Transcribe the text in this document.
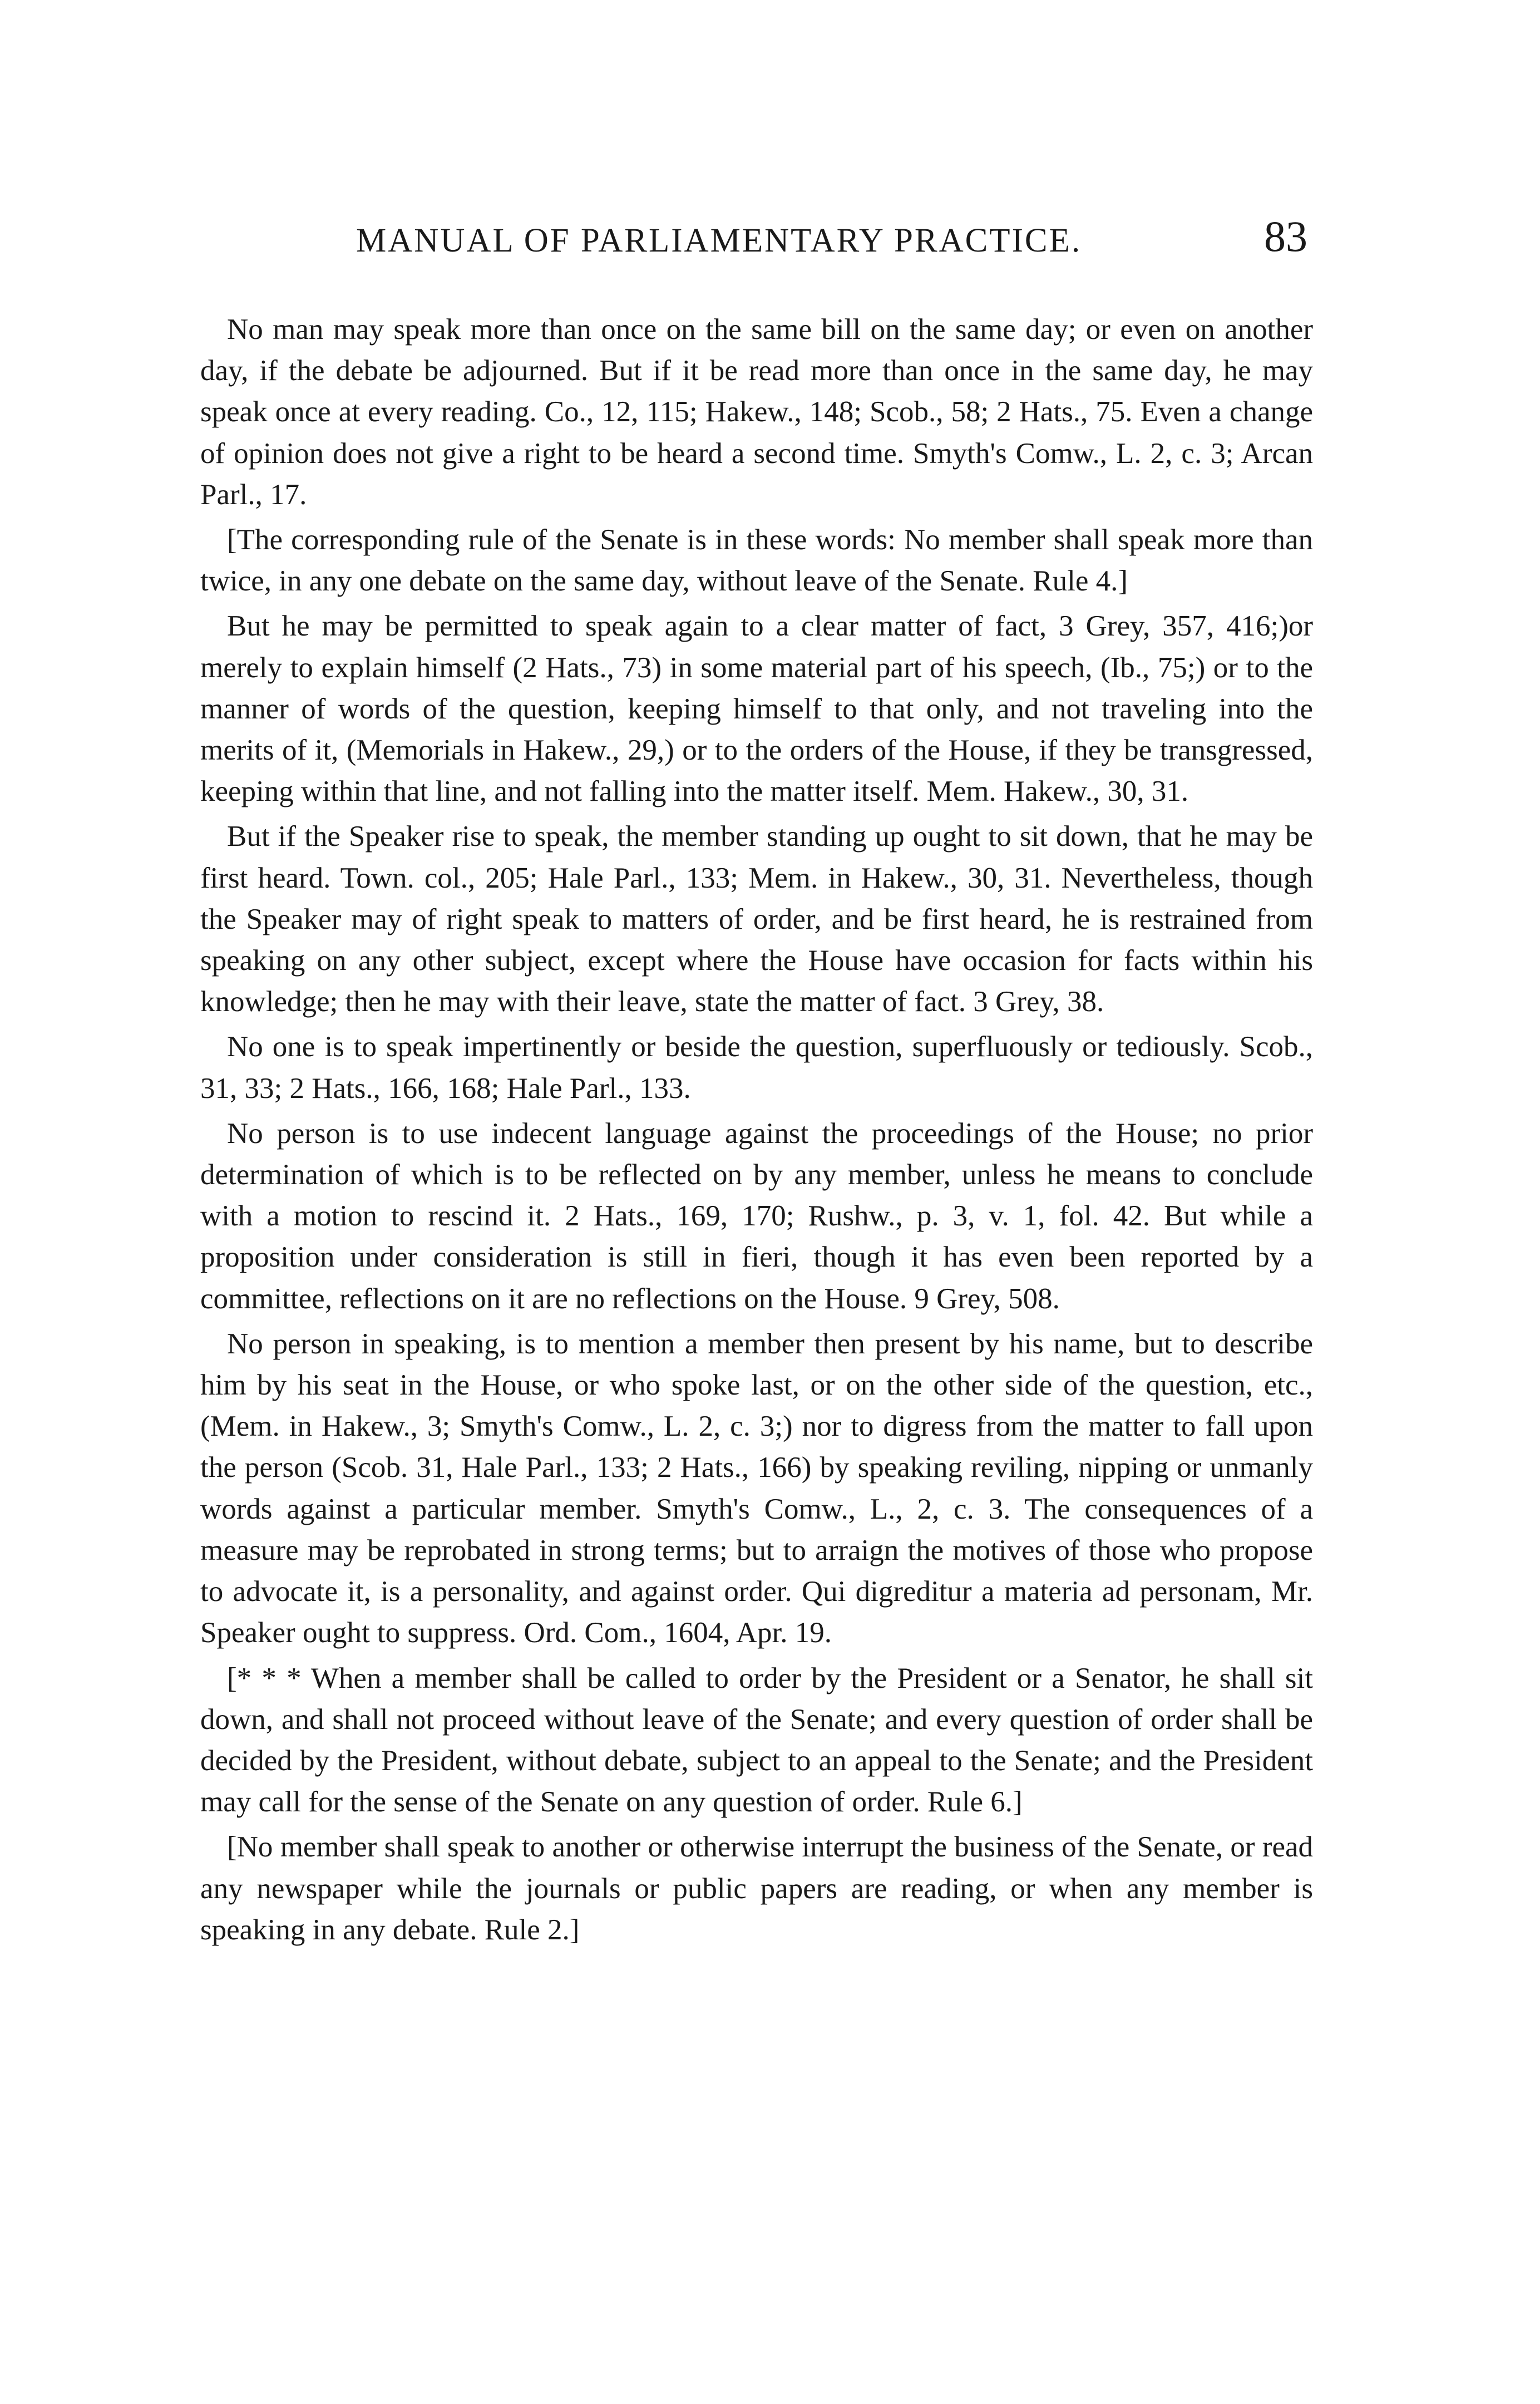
MANUAL OF PARLIAMENTARY PRACTICE.	83

No man may speak more than once on the same bill on the same day; or even on another day, if the debate be adjourned. But if it be read more than once in the same day, he may speak once at every reading. Co., 12, 115; Hakew., 148; Scob., 58; 2 Hats., 75. Even a change of opinion does not give a right to be heard a second time. Smyth's Comw., L. 2, c. 3; Arcan Parl., 17.

[The corresponding rule of the Senate is in these words: No member shall speak more than twice, in any one debate on the same day, without leave of the Senate. Rule 4.]

But he may be permitted to speak again to a clear matter of fact, 3 Grey, 357, 416;)or merely to explain himself (2 Hats., 73) in some material part of his speech, (Ib., 75;) or to the manner of words of the question, keeping himself to that only, and not traveling into the merits of it, (Memorials in Hakew., 29,) or to the orders of the House, if they be transgressed, keeping within that line, and not falling into the matter itself. Mem. Hakew., 30, 31.

But if the Speaker rise to speak, the member standing up ought to sit down, that he may be first heard. Town. col., 205; Hale Parl., 133; Mem. in Hakew., 30, 31. Nevertheless, though the Speaker may of right speak to matters of order, and be first heard, he is restrained from speaking on any other subject, except where the House have occasion for facts within his knowledge; then he may with their leave, state the matter of fact. 3 Grey, 38.

No one is to speak impertinently or beside the question, superfluously or tediously. Scob., 31, 33; 2 Hats., 166, 168; Hale Parl., 133.

No person is to use indecent language against the proceedings of the House; no prior determination of which is to be reflected on by any member, unless he means to conclude with a motion to rescind it. 2 Hats., 169, 170; Rushw., p. 3, v. 1, fol. 42. But while a proposition under consideration is still in fieri, though it has even been reported by a committee, reflections on it are no reflections on the House. 9 Grey, 508.

No person in speaking, is to mention a member then present by his name, but to describe him by his seat in the House, or who spoke last, or on the other side of the question, etc., (Mem. in Hakew., 3; Smyth's Comw., L. 2, c. 3;) nor to digress from the matter to fall upon the person (Scob. 31, Hale Parl., 133; 2 Hats., 166) by speaking reviling, nipping or unmanly words against a particular member. Smyth's Comw., L., 2, c. 3. The consequences of a measure may be reprobated in strong terms; but to arraign the motives of those who propose to advocate it, is a personality, and against order. Qui digreditur a materia ad personam, Mr. Speaker ought to suppress. Ord. Com., 1604, Apr. 19.

[* * * When a member shall be called to order by the President or a Senator, he shall sit down, and shall not proceed without leave of the Senate; and every question of order shall be decided by the President, without debate, subject to an appeal to the Senate; and the President may call for the sense of the Senate on any question of order. Rule 6.]

[No member shall speak to another or otherwise interrupt the business of the Senate, or read any newspaper while the journals or public papers are reading, or when any member is speaking in any debate. Rule 2.]
